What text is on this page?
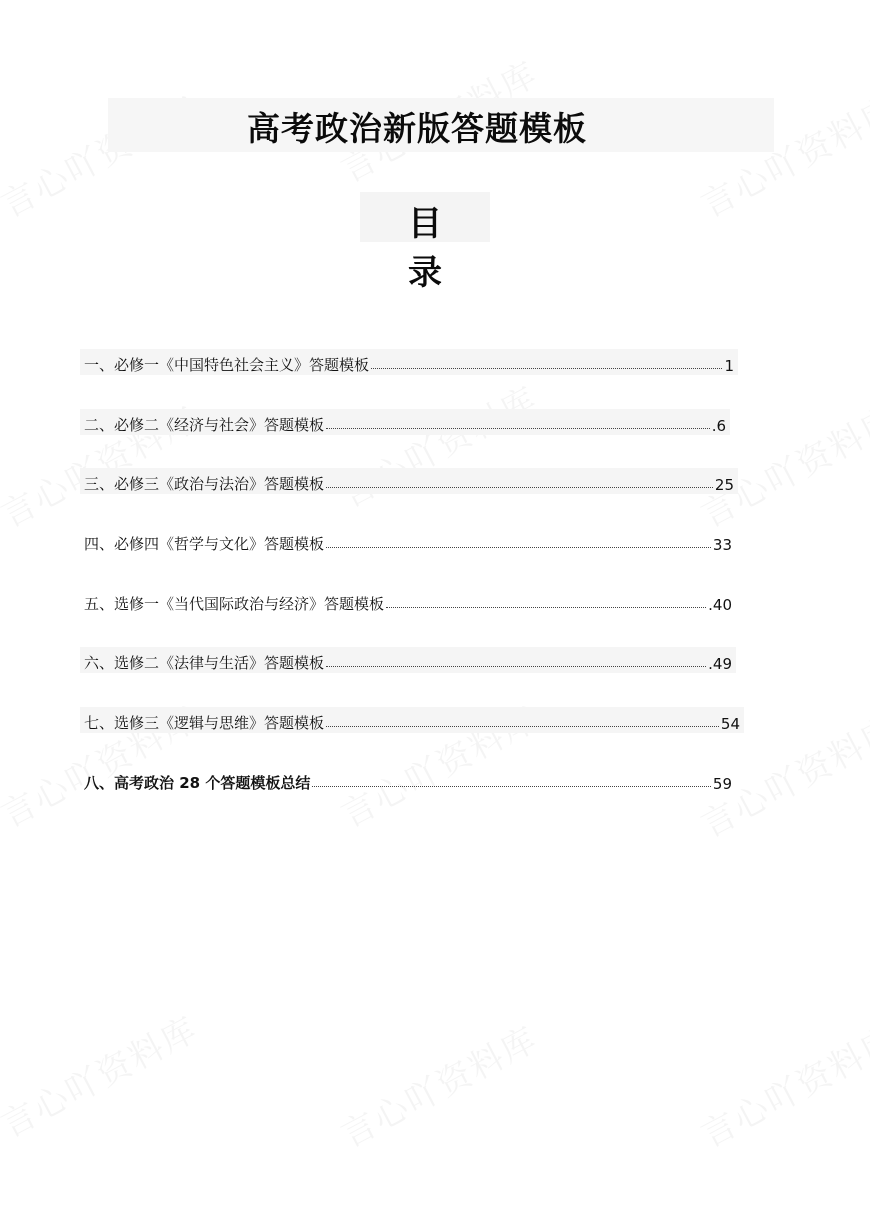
高考政治新版答题模板
目录
一、必修一《中国特色社会主义》答题模板	1
二、必修二《经济与社会》答题模板	.6
三、必修三《政治与法治》答题模板	25
四、必修四《哲学与文化》答题模板	33
五、选修一《当代国际政治与经济》答题模板	.40
六、选修二《法律与生活》答题模板	.49
七、选修三《逻辑与思维》答题模板	54
八、高考政治 28 个答题模板总结	59
